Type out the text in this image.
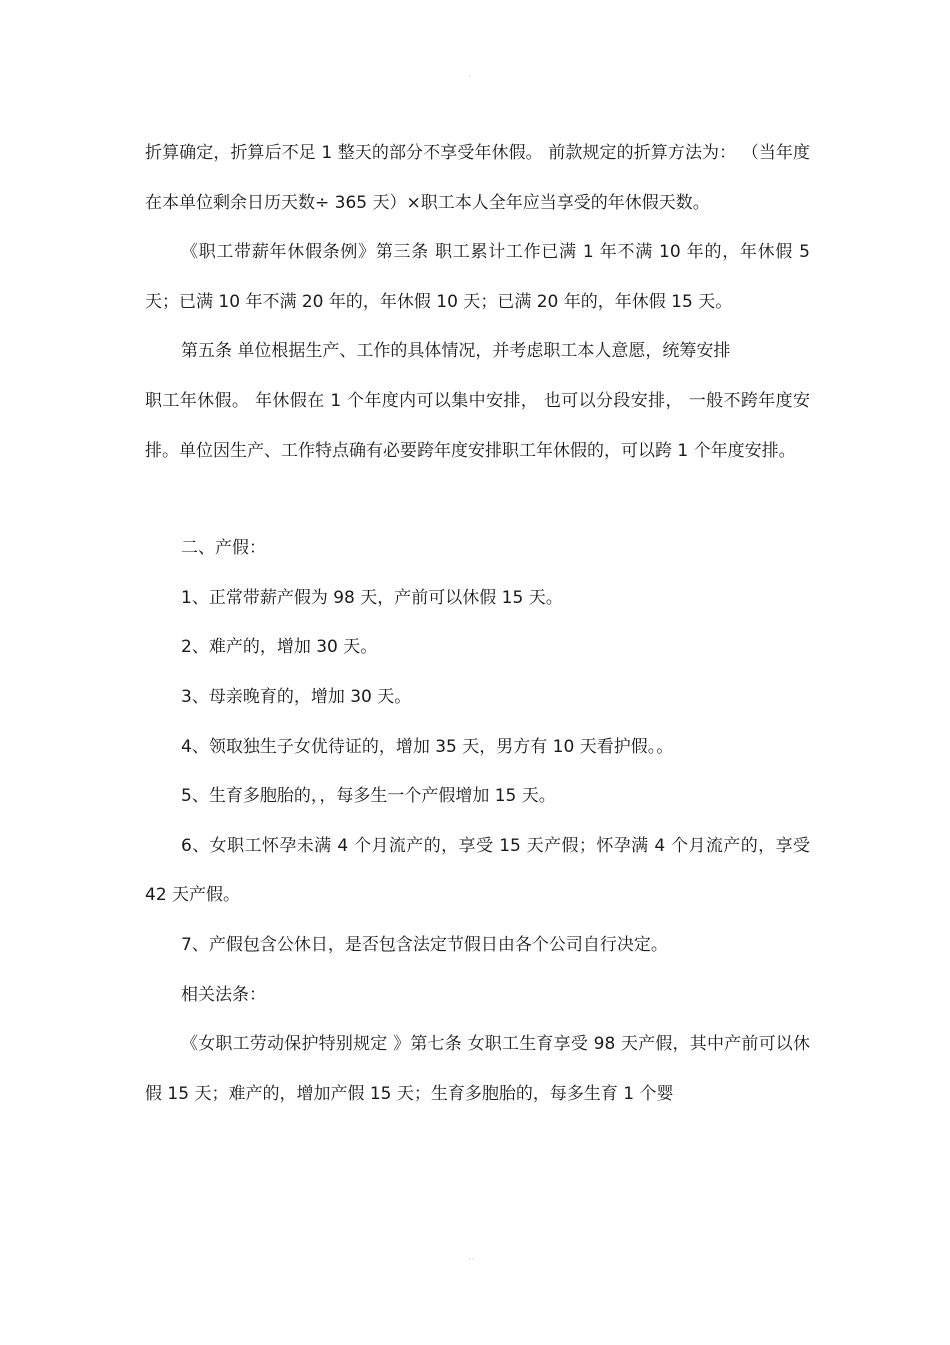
·

折算确定，折算后不足 1 整天的部分不享受年休假。 前款规定的折算方法为： （当年度在本单位剩余日历天数÷ 365 天）×职工本人全年应当享受的年休假天数。

《职工带薪年休假条例》第三条 职工累计工作已满 1 年不满 10 年的，年休假 5 天；已满 10 年不满 20 年的，年休假 10 天；已满 20 年的，年休假 15 天。

第五条 单位根据生产、工作的具体情况，并考虑职工本人意愿，统筹安排

职工年休假。 年休假在 1 个年度内可以集中安排， 也可以分段安排， 一般不跨年度安排。单位因生产、工作特点确有必要跨年度安排职工年休假的，可以跨 1 个年度安排。

二、产假：

1、正常带薪产假为 98 天，产前可以休假 15 天。

2、难产的，增加 30 天。

3、母亲晚育的，增加 30 天。

4、领取独生子女优待证的，增加 35 天，男方有 10 天看护假。。

5、生育多胞胎的，，每多生一个产假增加 15 天。

6、女职工怀孕未满 4 个月流产的，享受 15 天产假；怀孕满 4 个月流产的，享受 42 天产假。

7、产假包含公休日，是否包含法定节假日由各个公司自行决定。

相关法条：

《女职工劳动保护特别规定 》第七条 女职工生育享受 98 天产假，其中产前可以休假 15 天；难产的，增加产假 15 天；生育多胞胎的，每多生育 1 个婴

··
